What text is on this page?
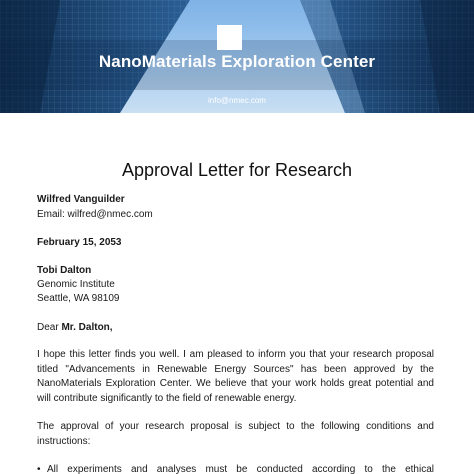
NanoMaterials Exploration Center
info@nmec.com
Approval Letter for Research
Wilfred Vanguilder
Email: wilfred@nmec.com
February 15, 2053
Tobi Dalton
Genomic Institute
Seattle, WA 98109
Dear Mr. Dalton,
I hope this letter finds you well. I am pleased to inform you that your research proposal titled "Advancements in Renewable Energy Sources" has been approved by the NanoMaterials Exploration Center. We believe that your work holds great potential and will contribute significantly to the field of renewable energy.
The approval of your research proposal is subject to the following conditions and instructions:
• All experiments and analyses must be conducted according to the ethical
